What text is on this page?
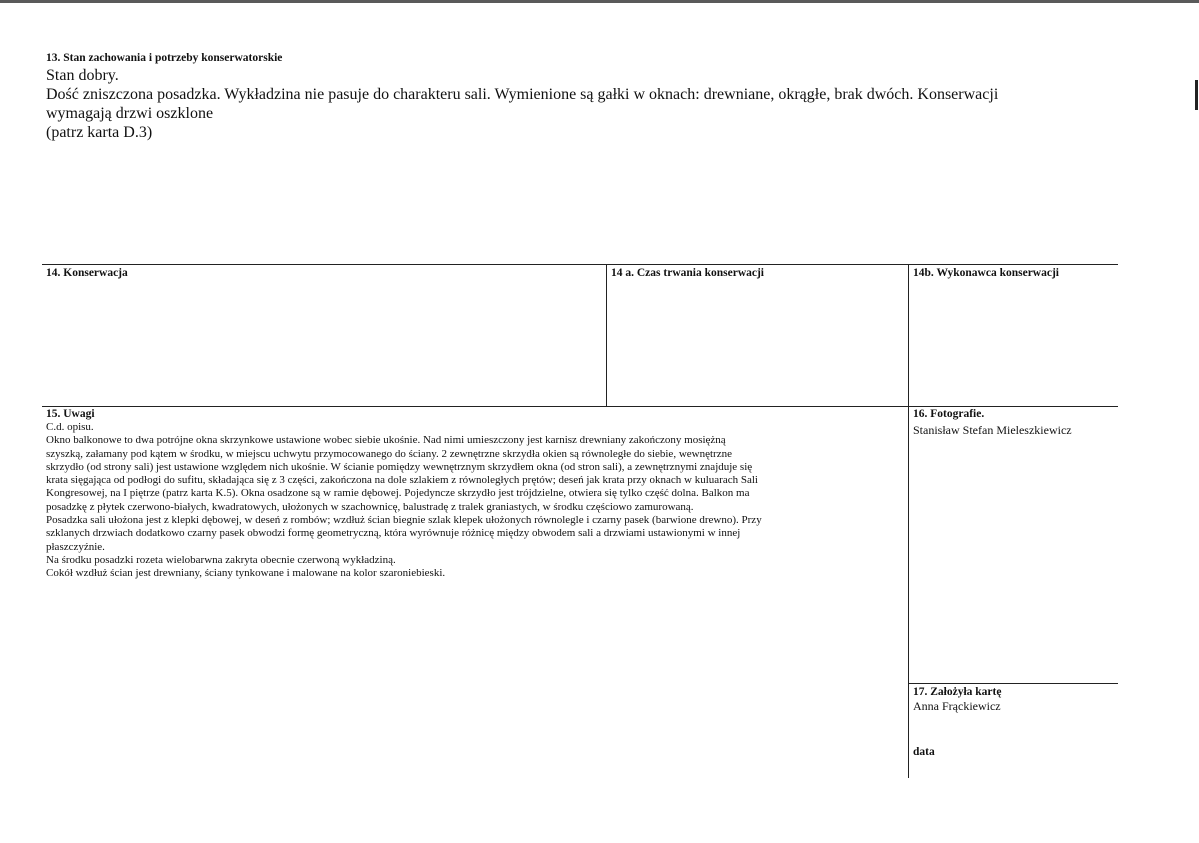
13. Stan zachowania i potrzeby konserwatorskie
Stan dobry.
Dość zniszczona posadzka. Wykładzina nie pasuje do charakteru sali. Wymienione są gałki w oknach: drewniane, okrągłe, brak dwóch. Konserwacji
wymagają drzwi oszklone
(patrz karta D.3)
14. Konserwacja	14 a. Czas trwania konserwacji	14b. Wykonawca konserwacji
15. Uwagi

C.d. opisu.

Okno balkonowe to dwa potrójne okna skrzynkowe ustawione wobec siebie ukośnie. Nad nimi umieszczony jest karnisz drewniany zakończony mosiężną

szyszką, załamany pod kątem w środku, w miejscu uchwytu przymocowanego do ściany. 2 zewnętrzne skrzydła okien są równoległe do siebie, wewnętrzne

skrzydło (od strony sali) jest ustawione względem nich ukośnie. W ścianie pomiędzy wewnętrznym skrzydłem okna (od stron sali), a zewnętrznymi znajduje się

krata sięgająca od podłogi do sufitu, składająca się z 3 części, zakończona na dole szlakiem z równoległych prętów; deseń jak krata przy oknach w kuluarach Sali

Kongresowej, na I piętrze (patrz karta K.5). Okna osadzone są w ramie dębowej. Pojedyncze skrzydło jest trójdzielne, otwiera się tylko część dolna. Balkon ma

posadzkę z płytek czerwono-białych, kwadratowych, ułożonych w szachownicę, balustradę z tralek graniastych, w środku częściowo zamurowaną.

Posadzka sali ułożona jest z klepki dębowej, w deseń z rombów; wzdłuż ścian biegnie szlak klepek ułożonych równolegle i czarny pasek (barwione drewno). Przy

szklanych drzwiach dodatkowo czarny pasek obwodzi formę geometryczną, która wyrównuje różnicę między obwodem sali a drzwiami ustawionymi w innej

płaszczyźnie.

Na środku posadzki rozeta wielobarwna zakryta obecnie czerwoną wykładziną.

Cokół wzdłuż ścian jest drewniany, ściany tynkowane i malowane na kolor szaroniebieski.

16. Fotografie.
Stanisław Stefan Mieleszkiewicz
17. Założyła kartę
Anna Frąckiewicz
data
